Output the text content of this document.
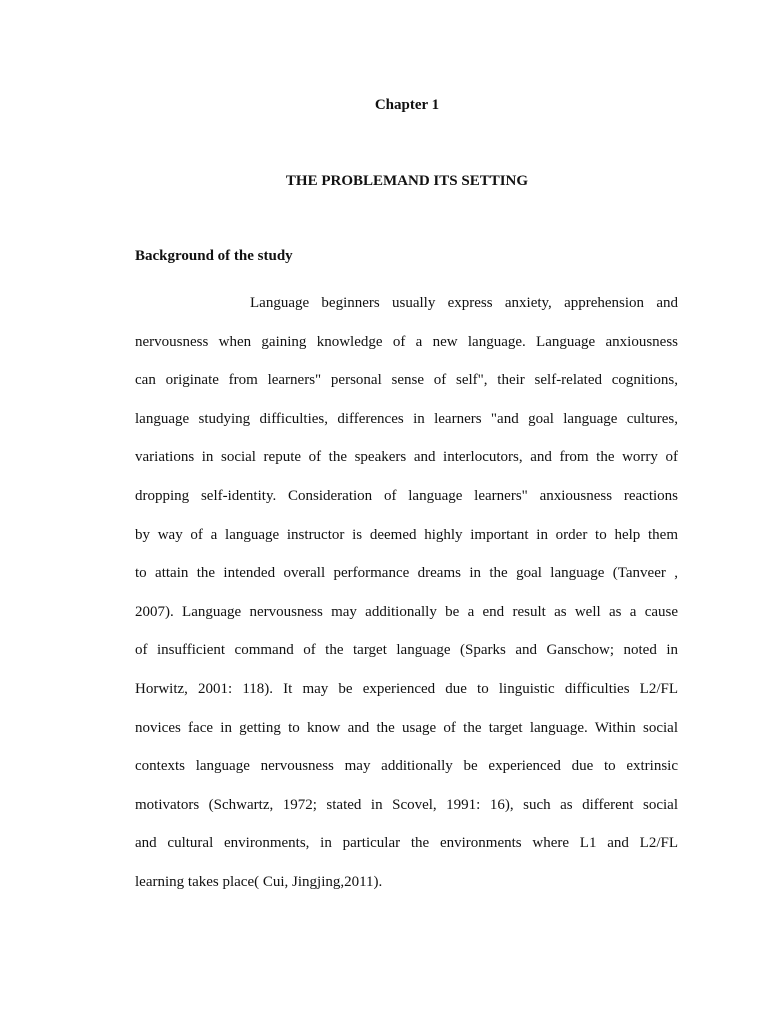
Chapter 1

THE PROBLEMAND ITS SETTING

Background of the study

Language beginners usually express anxiety, apprehension and
nervousness when gaining knowledge of a new language. Language anxiousness
can originate from learners" personal sense of self", their self-related cognitions,
language studying difficulties, differences in learners "and goal language cultures,
variations in social repute of the speakers and interlocutors, and from the worry of
dropping self-identity. Consideration of language learners" anxiousness reactions
by way of a language instructor is deemed highly important in order to help them
to attain the intended overall performance dreams in the goal language (Tanveer ,
2007). Language nervousness may additionally be a end result as well as a cause
of insufficient command of the target language (Sparks and Ganschow; noted in
Horwitz, 2001: 118). It may be experienced due to linguistic difficulties L2/FL
novices face in getting to know and the usage of the target language. Within social
contexts language nervousness may additionally be experienced due to extrinsic
motivators (Schwartz, 1972; stated in Scovel, 1991: 16), such as different social
and cultural environments, in particular the environments where L1 and L2/FL
learning takes place( Cui, Jingjing,2011).
